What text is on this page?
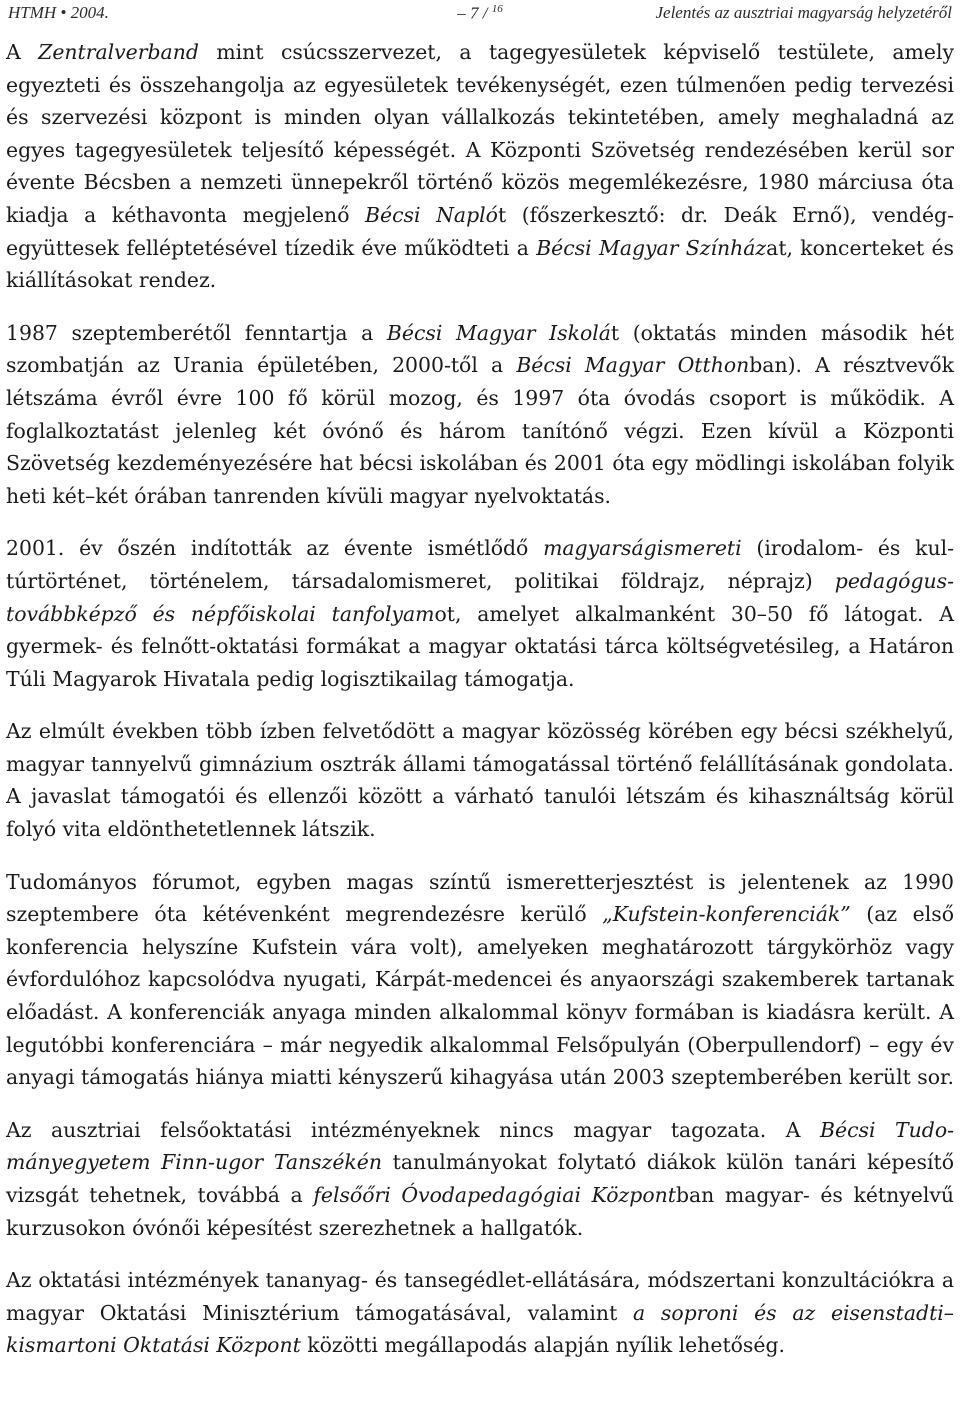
HTMH • 2004.	– 7 / $^{16}$	Jelentés az ausztriai magyarság helyzetéről

A Zentralverband mint csúcsszervezet, a tagegyesületek képviselő testülete, amely egyezteti és összehangolja az egyesületek tevékenységét, ezen túlmenően pedig tervezési és szervezési központ is minden olyan vállalkozás tekintetében, amely meghaladná az egyes tagegyesületek teljesítő képességét. A Központi Szövetség rendezésében kerül sor évente Bécsben a nemzeti ünnepekről történő közös megemlékezésre, 1980 márciusa óta kiadja a kéthavonta megjelenő Bécsi Naplót (főszerkesztő: dr. Deák Ernő), vendég-együttesek felléptetésével tízedik éve működteti a Bécsi Magyar Színházat, koncerteket és kiállításokat rendez.

1987 szeptemberétől fenntartja a Bécsi Magyar Iskolát (oktatás minden második hét szombatján az Urania épületében, 2000-től a Bécsi Magyar Otthonban). A résztvevők létszáma évről évre 100 fő körül mozog, és 1997 óta óvodás csoport is működik. A foglalkoztatást jelenleg két óvónő és három tanítónő végzi. Ezen kívül a Központi Szövetség kezdeményezésére hat bécsi iskolában és 2001 óta egy mödlingi iskolában folyik heti két–két órában tanrenden kívüli magyar nyelvoktatás.

2001. év őszén indították az évente ismétlődő magyarságismereti (irodalom- és kultúrtörténet, történelem, társadalomismeret, politikai földrajz, néprajz) pedagógustovábbképző és népfőiskolai tanfolyamot, amelyet alkalmanként 30–50 fő látogat. A gyermek- és felnőtt-oktatási formákat a magyar oktatási tárca költségvetésileg, a Határon Túli Magyarok Hivatala pedig logisztikailag támogatja.

Az elmúlt években több ízben felvetődött a magyar közösség körében egy bécsi székhelyű, magyar tannyelvű gimnázium osztrák állami támogatással történő felállításának gondolata. A javaslat támogatói és ellenzői között a várható tanulói létszám és kihasználtság körül folyó vita eldönthetetlennek látszik.

Tudományos fórumot, egyben magas színtű ismeretterjesztést is jelentenek az 1990 szeptembere óta kétévenként megrendezésre kerülő „Kufstein-konferenciák” (az első konferencia helyszíne Kufstein vára volt), amelyeken meghatározott tárgykörhöz vagy évfordulóhoz kapcsolódva nyugati, Kárpát-medencei és anyaországi szakemberek tartanak előadást. A konferenciák anyaga minden alkalommal könyv formában is kiadásra került. A legutóbbi konferenciára – már negyedik alkalommal Felsőpulyán (Oberpullendorf) – egy év anyagi támogatás hiánya miatti kényszerű kihagyása után 2003 szeptemberében került sor.

Az ausztriai felsőoktatási intézményeknek nincs magyar tagozata. A Bécsi Tudományegyetem Finn-ugor Tanszékén tanulmányokat folytató diákok külön tanári képesítő vizsgát tehetnek, továbbá a felsőőri Óvodapedagógiai Központban magyar- és kétnyelvű kurzusokon óvónői képesítést szerezhetnek a hallgatók.

Az oktatási intézmények tananyag- és tansegédlet-ellátására, módszertani konzultációkra a magyar Oktatási Minisztérium támogatásával, valamint a soproni és az eisenstadti–kismartoni Oktatási Központ közötti megállapodás alapján nyílik lehetőség.
